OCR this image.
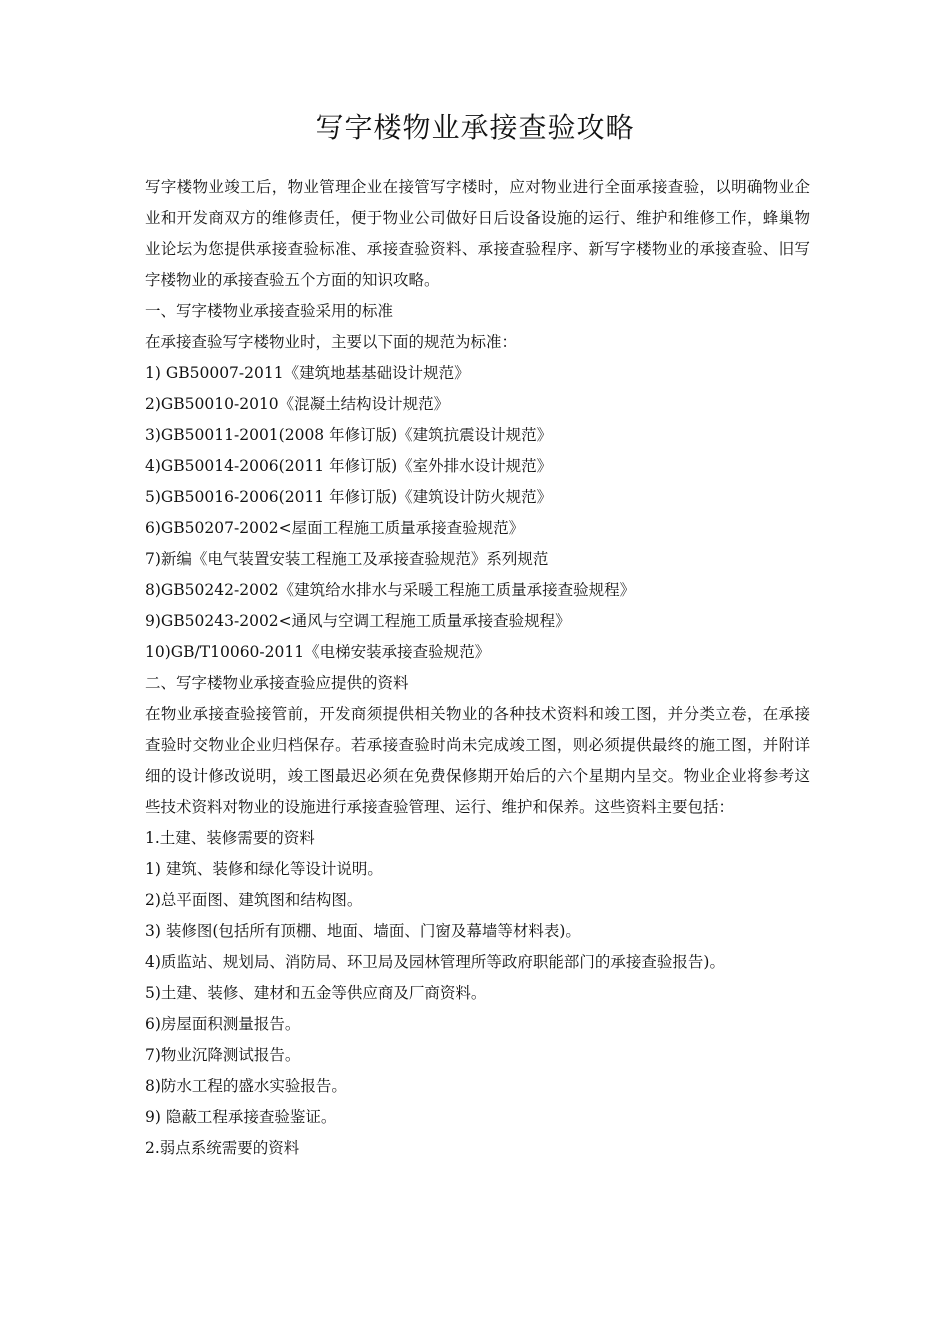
写字楼物业承接查验攻略

写字楼物业竣工后，物业管理企业在接管写字楼时，应对物业进行全面承接查验，以明确物业企业和开发商双方的维修责任，便于物业公司做好日后设备设施的运行、维护和维修工作，蜂巢物业论坛为您提供承接查验标准、承接查验资料、承接查验程序、新写字楼物业的承接查验、旧写字楼物业的承接查验五个方面的知识攻略。

一、写字楼物业承接查验采用的标准

在承接查验写字楼物业时，主要以下面的规范为标准：

1) GB50007-2011《建筑地基基础设计规范》

2)GB50010-2010《混凝土结构设计规范》

3)GB50011-2001(2008 年修订版)《建筑抗震设计规范》

4)GB50014-2006(2011 年修订版)《室外排水设计规范》

5)GB50016-2006(2011 年修订版)《建筑设计防火规范》

6)GB50207-2002<屋面工程施工质量承接查验规范》

7)新编《电气装置安装工程施工及承接查验规范》系列规范

8)GB50242-2002《建筑给水排水与采暖工程施工质量承接查验规程》

9)GB50243-2002<通风与空调工程施工质量承接查验规程》

10)GB/T10060-2011《电梯安装承接查验规范》

二、写字楼物业承接查验应提供的资料

在物业承接查验接管前，开发商须提供相关物业的各种技术资料和竣工图，并分类立卷，在承接查验时交物业企业归档保存。若承接查验时尚未完成竣工图，则必须提供最终的施工图，并附详细的设计修改说明，竣工图最迟必须在免费保修期开始后的六个星期内呈交。物业企业将参考这些技术资料对物业的设施进行承接查验管理、运行、维护和保养。这些资料主要包括：

1.土建、装修需要的资料

1) 建筑、装修和绿化等设计说明。

2)总平面图、建筑图和结构图。

3) 装修图(包括所有顶棚、地面、墙面、门窗及幕墙等材料表)。

4)质监站、规划局、消防局、环卫局及园林管理所等政府职能部门的承接查验报告)。

5)土建、装修、建材和五金等供应商及厂商资料。

6)房屋面积测量报告。

7)物业沉降测试报告。

8)防水工程的盛水实验报告。

9) 隐蔽工程承接查验鉴证。

2.弱点系统需要的资料
